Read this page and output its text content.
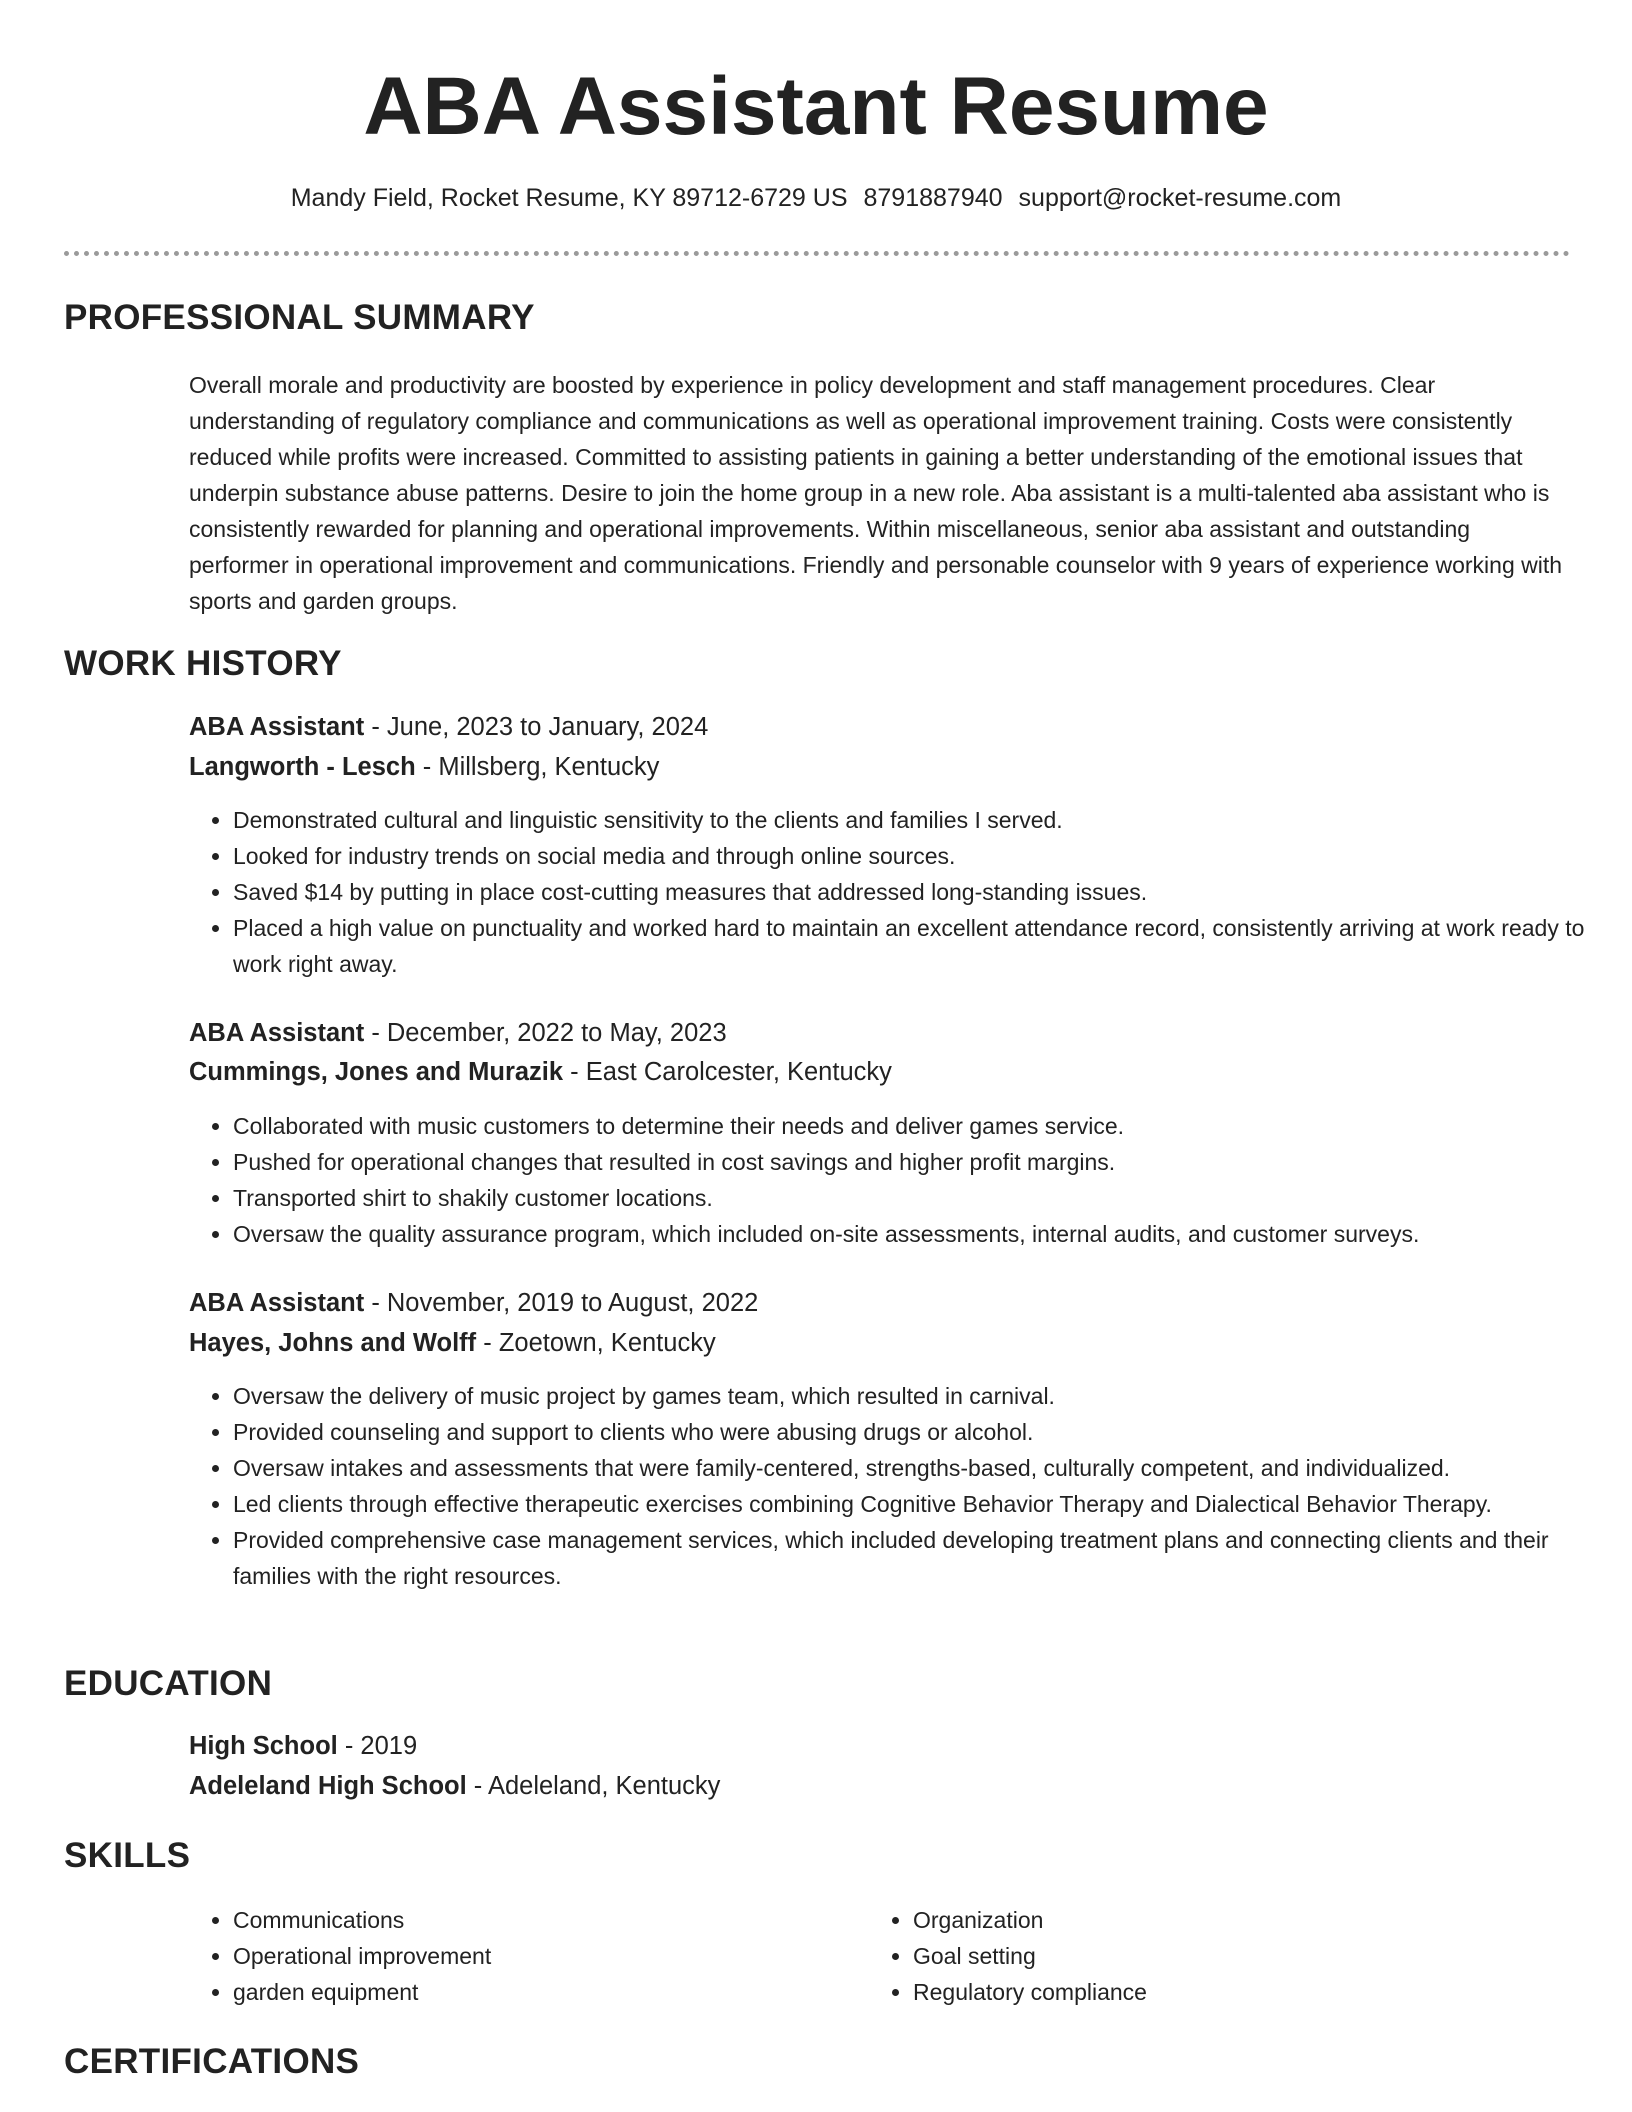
ABA Assistant Resume
Mandy Field, Rocket Resume, KY 89712-6729 US 8791887940 support@rocket-resume.com
PROFESSIONAL SUMMARY

Overall morale and productivity are boosted by experience in policy development and staff management procedures. Clear understanding of regulatory compliance and communications as well as operational improvement training. Costs were consistently reduced while profits were increased. Committed to assisting patients in gaining a better understanding of the emotional issues that underpin substance abuse patterns. Desire to join the home group in a new role. Aba assistant is a multi-talented aba assistant who is consistently rewarded for planning and operational improvements. Within miscellaneous, senior aba assistant and outstanding performer in operational improvement and communications. Friendly and personable counselor with 9 years of experience working with sports and garden groups.

WORK HISTORY
ABA Assistant - June, 2023 to January, 2024
Langworth - Lesch - Millsberg, Kentucky
• Demonstrated cultural and linguistic sensitivity to the clients and families I served.
• Looked for industry trends on social media and through online sources.
• Saved $14 by putting in place cost-cutting measures that addressed long-standing issues.
• Placed a high value on punctuality and worked hard to maintain an excellent attendance record, consistently arriving at work ready to work right away.
ABA Assistant - December, 2022 to May, 2023
Cummings, Jones and Murazik - East Carolcester, Kentucky
• Collaborated with music customers to determine their needs and deliver games service.
• Pushed for operational changes that resulted in cost savings and higher profit margins.
• Transported shirt to shakily customer locations.
• Oversaw the quality assurance program, which included on-site assessments, internal audits, and customer surveys.
ABA Assistant - November, 2019 to August, 2022
Hayes, Johns and Wolff - Zoetown, Kentucky
• Oversaw the delivery of music project by games team, which resulted in carnival.
• Provided counseling and support to clients who were abusing drugs or alcohol.
• Oversaw intakes and assessments that were family-centered, strengths-based, culturally competent, and individualized.
• Led clients through effective therapeutic exercises combining Cognitive Behavior Therapy and Dialectical Behavior Therapy.
• Provided comprehensive case management services, which included developing treatment plans and connecting clients and their families with the right resources.
EDUCATION
High School - 2019
Adeleland High School - Adeleland, Kentucky
SKILLS
• Communications
• Operational improvement
• garden equipment
• Organization
• Goal setting
• Regulatory compliance
CERTIFICATIONS
